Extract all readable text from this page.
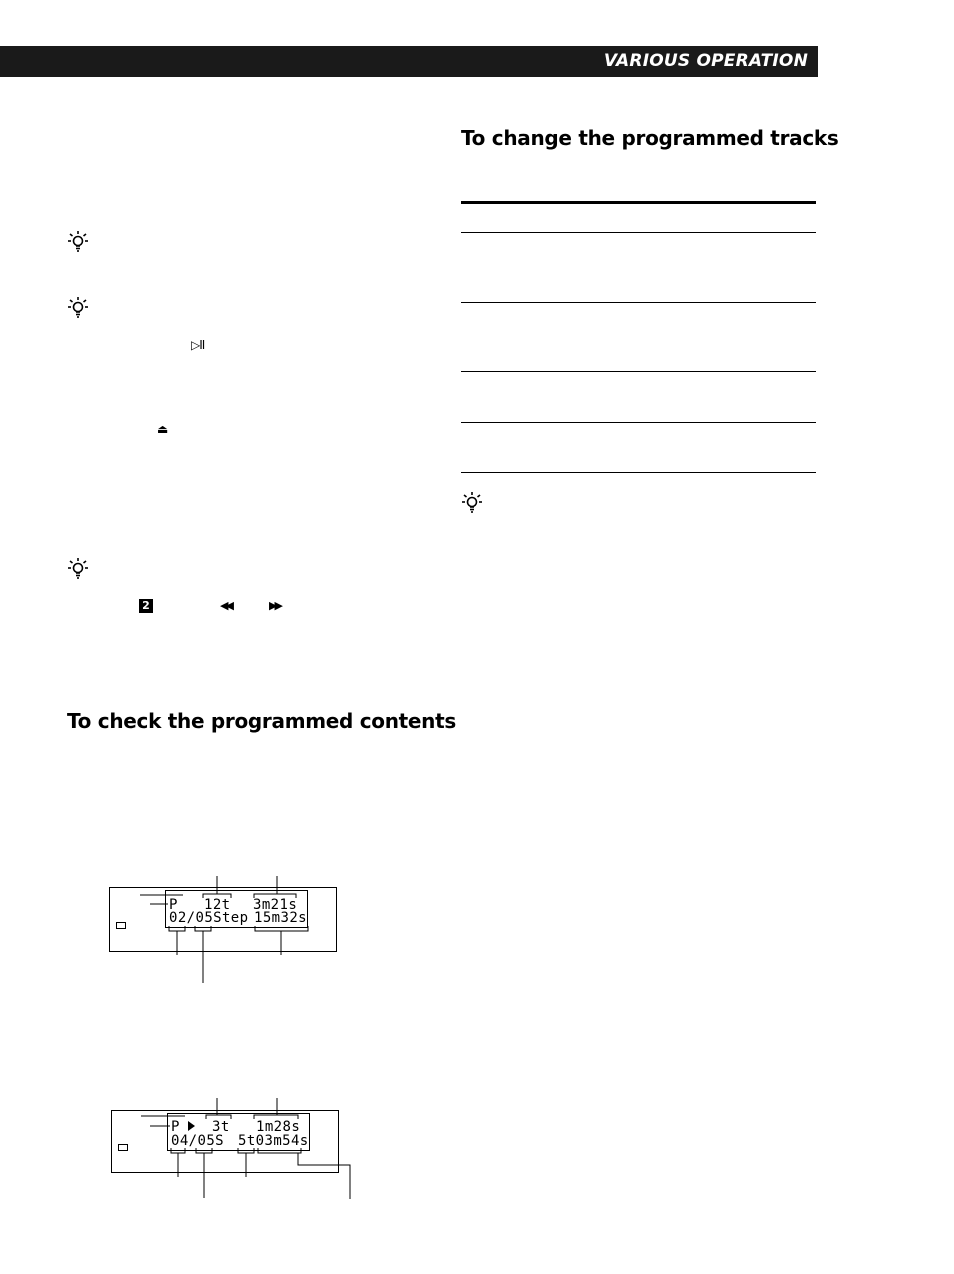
VARIOUS OPERATION
To change the programmed tracks
▷II
⏏
2	◀◀	▶▶
To check the programmed contents
P 12t 3m21s
02/05Step 15m32s
P 3t 1m28s
04/05S 5t03m54s
